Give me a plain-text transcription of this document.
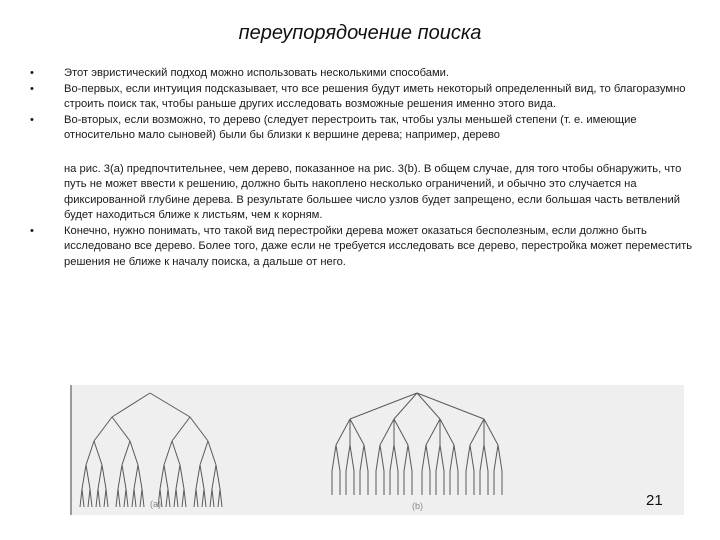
переупорядочение поиска
•	Этот эвристический подход можно использовать несколькими способами.
•	Во-первых, если интуиция подсказывает, что все решения будут иметь некоторый определенный вид, то благоразумно строить поиск так, чтобы раньше других исследовать возможные решения именно этого вида.
•	Во-вторых, если возможно, то дерево (следует перестроить так, чтобы узлы меньшей степени (т. е. имеющие относительно мало сыновей) были бы близки к вершине дерева; например, дерево
на рис. 3(а) предпочтительнее, чем дерево, показанное на рис. 3(b). В общем случае, для того чтобы обнаружить, что путь не может ввести к решению, должно быть накоплено несколько ограничений, и обычно это случается на фиксированной глубине дерева. В результате большее число узлов будет запрещено, если большая часть ветвлений будет находиться ближе к листьям, чем к корням.
•	Конечно, нужно понимать, что такой вид перестройки дерева может оказаться бесполезным, если должно быть исследовано все дерево. Более того, даже если не требуется исследовать все дерево, перестройка может переместить решения не ближе к началу поиска, а дальше от него.
(a)	(b)	21
